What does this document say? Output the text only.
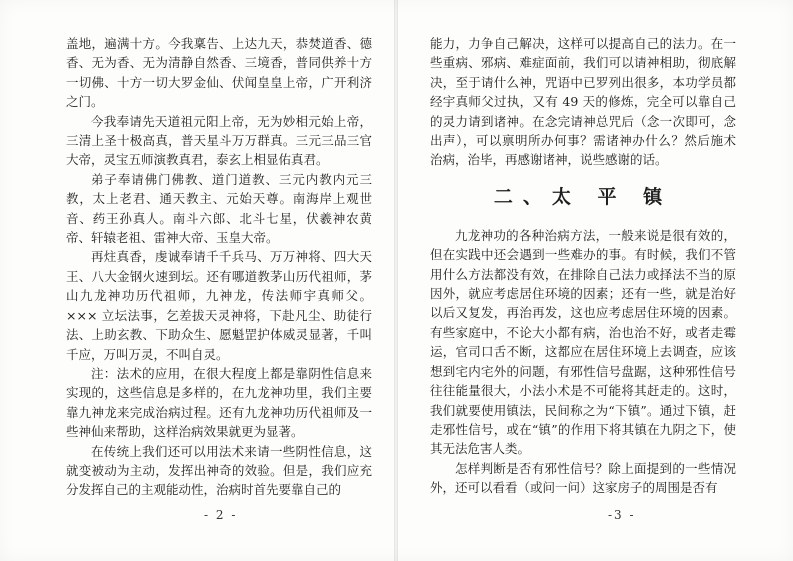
盖地，遍满十方。今我稟告、上达九天，恭焚道香、德香、无为香、无为清静自然香、三境香，普同供养十方一切佛、十方一切大罗金仙、伏闻皇皇上帝，广开利济之门。

今我奉请先天道祖元阳上帝，无为妙相元始上帝，三清上圣十极高真，普天星斗万万群真。三元三品三官大帝，灵宝五师演教真君，泰玄上相显佑真君。

弟子奉请佛门佛教、道门道教、三元内教内元三教，太上老君、通天教主、元始天尊。南海岸上观世音、药王孙真人。南斗六郎、北斗七星，伏羲神农黄帝、轩辕老祖、雷神大帝、玉皇大帝。

再炷真香，虔诚奉请千千兵马、万万神将、四大天王、八大金钢火速到坛。还有哪道教茅山历代祖师，茅山九龙神功历代祖师，九神龙，传法师宇真师父。××× 立坛法事，乞差拔天灵神将，下赴凡尘、助徒行法、上助玄教、下助众生、愿魁罡护体威灵显著，千叫千应，万叫万灵，不叫自灵。

注：法术的应用，在很大程度上都是靠阴性信息来实现的，这些信息是多样的，在九龙神功里，我们主要靠九神龙来完成治病过程。还有九龙神功历代祖师及一些神仙来帮助，这样治病效果就更为显著。

在传统上我们还可以用法术来请一些阴性信息，这就变被动为主动，发挥出神奇的效验。但是，我们应充分发挥自己的主观能动性，治病时首先要靠自己的

- 2 -

能力，力争自己解决，这样可以提高自己的法力。在一些重病、邪病、难症面前，我们可以请神相助，彻底解决，至于请什么神，咒语中已罗列出很多，本功学员都经宇真师父过执，又有 49 天的修炼，完全可以靠自己的灵力请到诸神。在念完请神总咒后（念一次即可，念出声），可以禀明所办何事？需诸神办什么？然后施术治病，治毕，再感谢诸神，说些感谢的话。

二、太 平 镇

九龙神功的各种治病方法，一般来说是很有效的，但在实践中还会遇到一些难办的事。有时候，我们不管用什么方法都没有效，在排除自己法力或择法不当的原因外，就应考虑居住环境的因素；还有一些，就是治好以后又复发，再治再发，这也应考虑居住环境的因素。有些家庭中，不论大小都有病，治也治不好，或者走霉运，官司口舌不断，这都应在居住环境上去调查，应该想到宅内宅外的问题，有邪性信号盘踞，这种邪性信号往往能量很大，小法小术是不可能将其赶走的。这时，我们就要使用镇法，民间称之为“下镇”。通过下镇，赶走邪性信号，或在“镇”的作用下将其镇在九阴之下，使其无法危害人类。

怎样判断是否有邪性信号？除上面提到的一些情况外，还可以看看（或问一问）这家房子的周围是否有

-3 -
